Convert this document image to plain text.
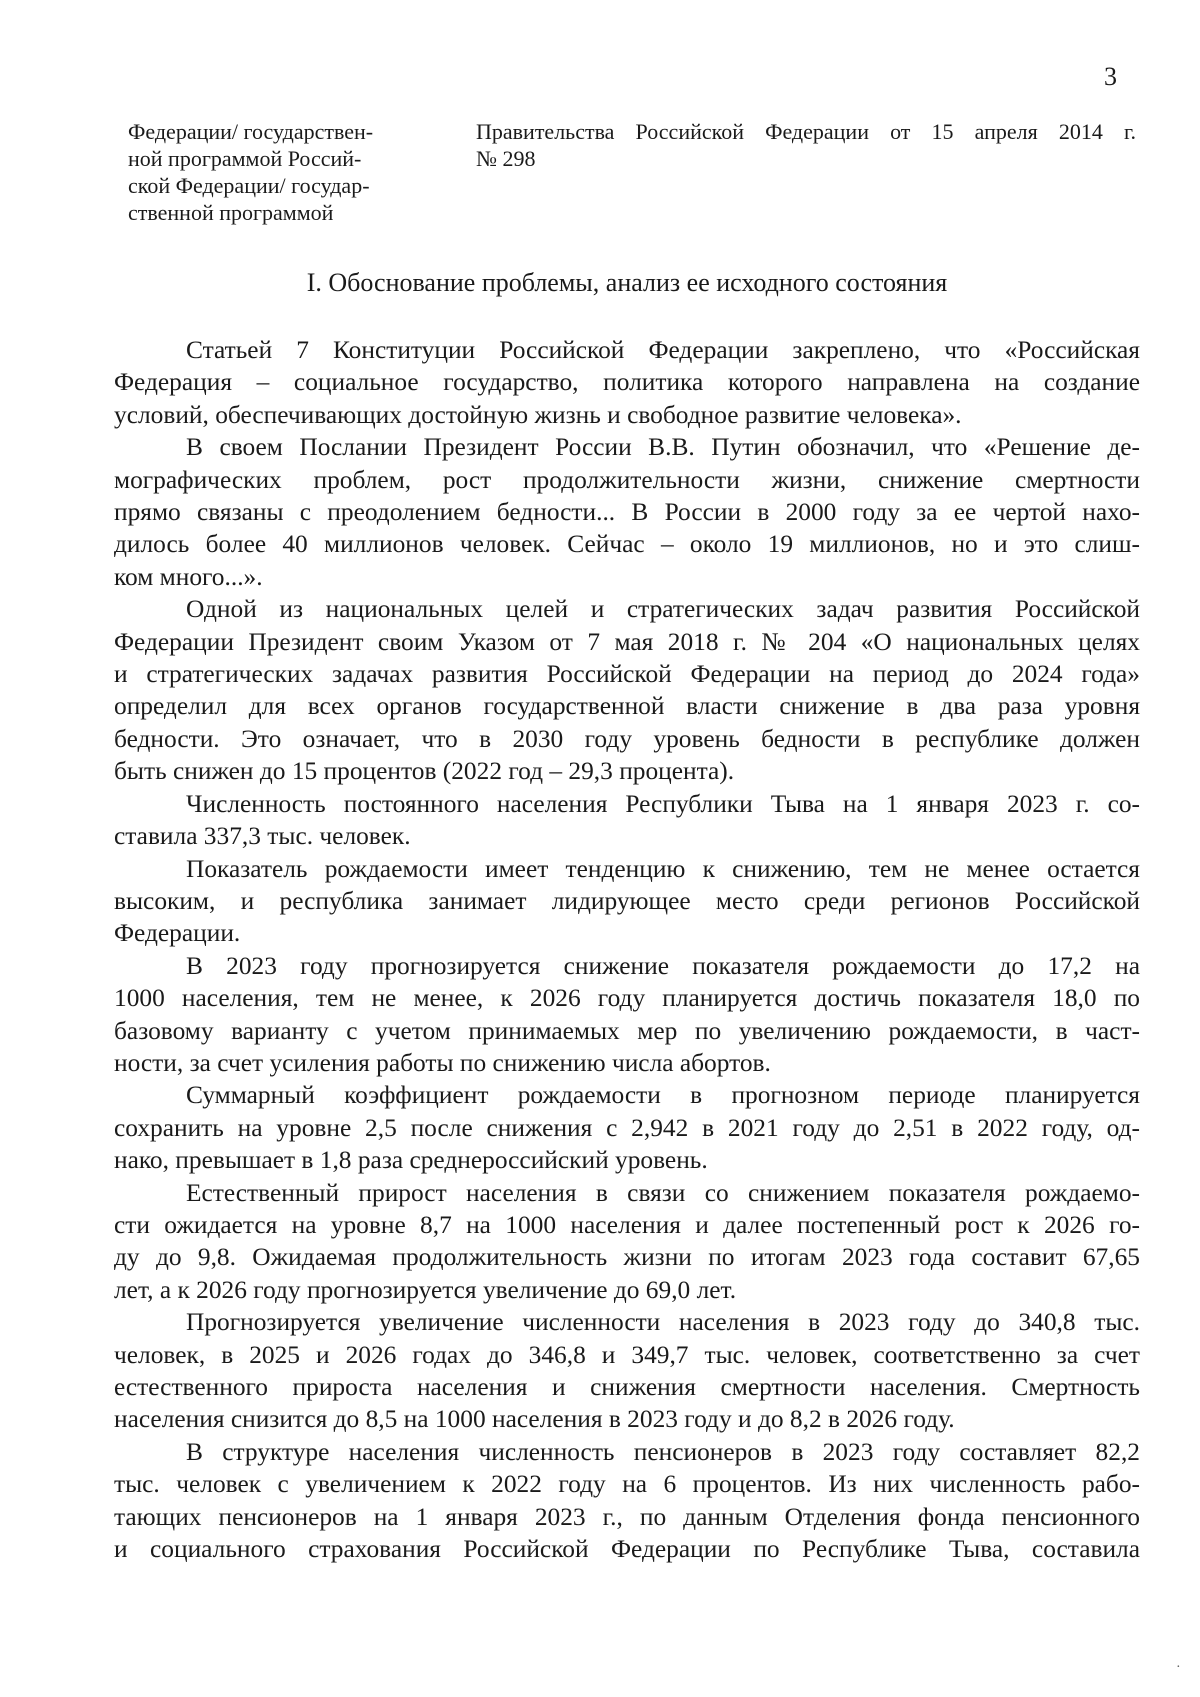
3
Федерации/ государствен-
ной программой Россий-
ской Федерации/ государ-
ственной программой
Правительства Российской Федерации от 15 апреля 2014 г.
№ 298
I. Обоснование проблемы, анализ ее исходного состояния
Статьей 7 Конституции Российской Федерации закреплено, что «Российская
Федерация – социальное государство, политика которого направлена на создание
условий, обеспечивающих достойную жизнь и свободное развитие человека».
В своем Послании Президент России В.В. Путин обозначил, что «Решение де-
мографических проблем, рост продолжительности жизни, снижение смертности
прямо связаны с преодолением бедности... В России в 2000 году за ее чертой нахо-
дилось более 40 миллионов человек. Сейчас – около 19 миллионов, но и это слиш-
ком много...».
Одной из национальных целей и стратегических задач развития Российской
Федерации Президент своим Указом от 7 мая 2018 г. № 204 «О национальных целях
и стратегических задачах развития Российской Федерации на период до 2024 года»
определил для всех органов государственной власти снижение в два раза уровня
бедности. Это означает, что в 2030 году уровень бедности в республике должен
быть снижен до 15 процентов (2022 год – 29,3 процента).
Численность постоянного населения Республики Тыва на 1 января 2023 г. со-
ставила 337,3 тыс. человек.
Показатель рождаемости имеет тенденцию к снижению, тем не менее остается
высоким, и республика занимает лидирующее место среди регионов Российской
Федерации.
В 2023 году прогнозируется снижение показателя рождаемости до 17,2 на
1000 населения, тем не менее, к 2026 году планируется достичь показателя 18,0 по
базовому варианту с учетом принимаемых мер по увеличению рождаемости, в част-
ности, за счет усиления работы по снижению числа абортов.
Суммарный коэффициент рождаемости в прогнозном периоде планируется
сохранить на уровне 2,5 после снижения с 2,942 в 2021 году до 2,51 в 2022 году, од-
нако, превышает в 1,8 раза среднероссийский уровень.
Естественный прирост населения в связи со снижением показателя рождаемо-
сти ожидается на уровне 8,7 на 1000 населения и далее постепенный рост к 2026 го-
ду до 9,8. Ожидаемая продолжительность жизни по итогам 2023 года составит 67,65
лет, а к 2026 году прогнозируется увеличение до 69,0 лет.
Прогнозируется увеличение численности населения в 2023 году до 340,8 тыс.
человек, в 2025 и 2026 годах до 346,8 и 349,7 тыс. человек, соответственно за счет
естественного прироста населения и снижения смертности населения. Смертность
населения снизится до 8,5 на 1000 населения в 2023 году и до 8,2 в 2026 году.
В структуре населения численность пенсионеров в 2023 году составляет 82,2
тыс. человек с увеличением к 2022 году на 6 процентов. Из них численность рабо-
тающих пенсионеров на 1 января 2023 г., по данным Отделения фонда пенсионного
и социального страхования Российской Федерации по Республике Тыва, составила
·
